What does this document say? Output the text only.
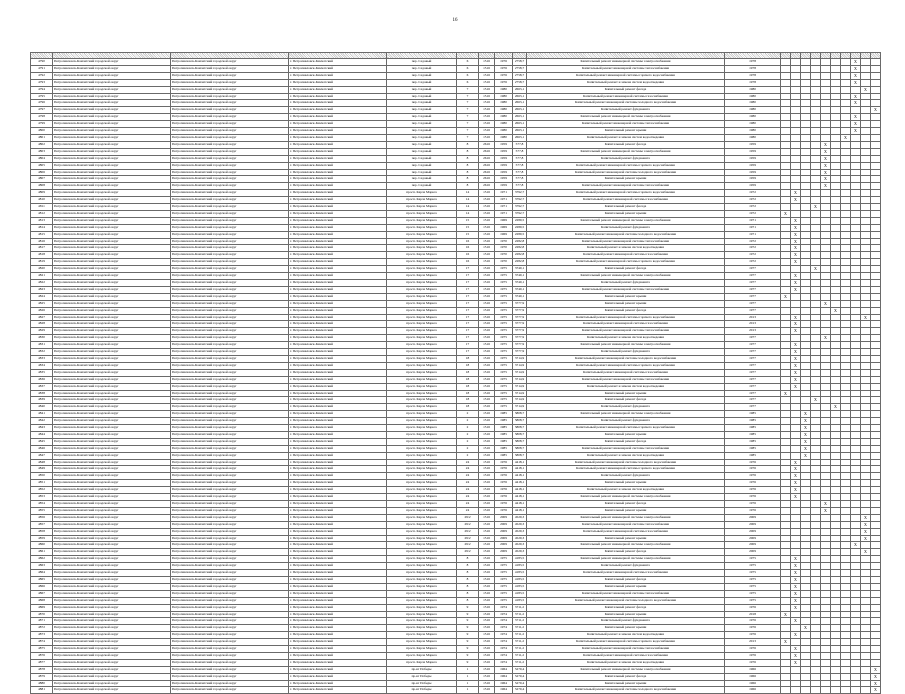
16

4790	Петропавловск-Камчатский городской округ	Петропавловск-Камчатский городской округ	г. Петропавловск-Камчатский	пер. Садовый	6	1516	1976	2758,7	Капитальный ремонт инженерной системы электроснабжения	1978								X		
4791	Петропавловск-Камчатский городской округ	Петропавловск-Камчатский городской округ	г. Петропавловск-Камчатский	пер. Садовый	6	1516	1976	2758,7	Капитальный ремонт инженерной системы теплоснабжения	1978								X		
4792	Петропавловск-Камчатский городской округ	Петропавловск-Камчатский городской округ	г. Петропавловск-Камчатский	пер. Садовый	6	1516	1976	2758,7	Капитальный ремонт инженерной системы горячего водоснабжения	1978								X		
4793	Петропавловск-Камчатский городской округ	Петропавловск-Камчатский городской округ	г. Петропавловск-Камчатский	пер. Садовый	6	1516	1976	2758,7	Капитальный ремонт и замена систем водоотведения	1978								X		
4794	Петропавловск-Камчатский городской округ	Петропавловск-Камчатский городской округ	г. Петропавловск-Камчатский	пер. Садовый	7	1516	1980	2663,1	Капитальный ремонт фасада	1980									X	
4795	Петропавловск-Камчатский городской округ	Петропавловск-Камчатский городской округ	г. Петропавловск-Камчатский	пер. Садовый	7	1516	1980	2663,1	Капитальный ремонт инженерной системы газоснабжения	1980								X		
4796	Петропавловск-Камчатский городской округ	Петропавловск-Камчатский городской округ	г. Петропавловск-Камчатский	пер. Садовый	7	1516	1980	2663,1	Капитальный ремонт инженерной системы холодного водоснабжения	1980								X		
4797	Петропавловск-Камчатский городской округ	Петропавловск-Камчатский городской округ	г. Петропавловск-Камчатский	пер. Садовый	7	1516	1980	2663,1	Капитальный ремонт фундамента	1980										X
4798	Петропавловск-Камчатский городской округ	Петропавловск-Камчатский городской округ	г. Петропавловск-Камчатский	пер. Садовый	7	1516	1980	2663,1	Капитальный ремонт инженерной системы электроснабжения	1980								X		
4799	Петропавловск-Камчатский городской округ	Петропавловск-Камчатский городской округ	г. Петропавловск-Камчатский	пер. Садовый	7	1516	1980	2663,1	Капитальный ремонт инженерной системы теплоснабжения	1980								X		
4800	Петропавловск-Камчатский городской округ	Петропавловск-Камчатский городской округ	г. Петропавловск-Камчатский	пер. Садовый	7	1516	1980	2663,1	Капитальный ремонт крыши	1980								X		
4801	Петропавловск-Камчатский городской округ	Петропавловск-Камчатский городской округ	г. Петропавловск-Камчатский	пер. Садовый	7	1516	1980	2663,1	Капитальный ремонт и замена систем водоотведения	1980							X			
4802	Петропавловск-Камчатский городской округ	Петропавловск-Камчатский городской округ	г. Петропавловск-Камчатский	пер. Садовый	8	2616	1959	577,8	Капитальный ремонт фасада	1959					X					
4803	Петропавловск-Камчатский городской округ	Петропавловск-Камчатский городской округ	г. Петропавловск-Камчатский	пер. Садовый	8	2616	1959	577,8	Капитальный ремонт инженерной системы электроснабжения	1959					X					
4804	Петропавловск-Камчатский городской округ	Петропавловск-Камчатский городской округ	г. Петропавловск-Камчатский	пер. Садовый	8	2616	1959	577,8	Капитальный ремонт фундамента	1959					X					
4805	Петропавловск-Камчатский городской округ	Петропавловск-Камчатский городской округ	г. Петропавловск-Камчатский	пер. Садовый	8	2616	1959	577,8	Капитальный ремонт инженерной системы горячего водоснабжения	1959					X					
4806	Петропавловск-Камчатский городской округ	Петропавловск-Камчатский городской округ	г. Петропавловск-Камчатский	пер. Садовый	8	2616	1959	577,8	Капитальный ремонт инженерной системы холодного водоснабжения	1959					X					
4807	Петропавловск-Камчатский городской округ	Петропавловск-Камчатский городской округ	г. Петропавловск-Камчатский	пер. Садовый	8	2616	1959	577,8	Капитальный ремонт крыши	1959					X					
4808	Петропавловск-Камчатский городской округ	Петропавловск-Камчатский городской округ	г. Петропавловск-Камчатский	пер. Садовый	8	2616	1959	577,8	Капитальный ремонт инженерной системы теплоснабжения	1959					X					
4809	Петропавловск-Камчатский городской округ	Петропавловск-Камчатский городской округ	г. Петропавловск-Камчатский	просп. Карла Маркса	14	1516	1971	3792,7	Капитальный ремонт инженерной системы горячего водоснабжения	1972		X								
4810	Петропавловск-Камчатский городской округ	Петропавловск-Камчатский городской округ	г. Петропавловск-Камчатский	просп. Карла Маркса	14	1516	1971	3792,7	Капитальный ремонт инженерной системы газоснабжения	1972		X								
4811	Петропавловск-Камчатский городской округ	Петропавловск-Камчатский городской округ	г. Петропавловск-Камчатский	просп. Карла Маркса	14	1516	1971	3792,7	Капитальный ремонт фасада	1972				X						
4812	Петропавловск-Камчатский городской округ	Петропавловск-Камчатский городской округ	г. Петропавловск-Камчатский	просп. Карла Маркса	14	1516	1971	3792,7	Капитальный ремонт крыши	1972	X									
4813	Петропавловск-Камчатский городской округ	Петропавловск-Камчатский городской округ	г. Петропавловск-Камчатский	просп. Карла Маркса	15	1516	1969	2289,5	Капитальный ремонт инженерной системы электроснабжения	1971		X								
4814	Петропавловск-Камчатский городской округ	Петропавловск-Камчатский городской округ	г. Петропавловск-Камчатский	просп. Карла Маркса	15	1516	1969	2289,5	Капитальный ремонт фундамента	1971		X								
4815	Петропавловск-Камчатский городской округ	Петропавловск-Камчатский городской округ	г. Петропавловск-Камчатский	просп. Карла Маркса	15	1516	1969	2289,5	Капитальный ремонт инженерной системы холодного водоснабжения	1971		X								
4816	Петропавловск-Камчатский городской округ	Петропавловск-Камчатский городской округ	г. Петропавловск-Камчатский	просп. Карла Маркса	16	1516	1970	2282,8	Капитальный ремонт инженерной системы теплоснабжения	1972		X								
4817	Петропавловск-Камчатский городской округ	Петропавловск-Камчатский городской округ	г. Петропавловск-Камчатский	просп. Карла Маркса	16	1516	1970	2282,8	Капитальный ремонт и замена систем водоотведения	1972		X								
4818	Петропавловск-Камчатский городской округ	Петропавловск-Камчатский городской округ	г. Петропавловск-Камчатский	просп. Карла Маркса	16	1516	1970	2282,8	Капитальный ремонт инженерной системы газоснабжения	1972		X								
4819	Петропавловск-Камчатский городской округ	Петропавловск-Камчатский городской округ	г. Петропавловск-Камчатский	просп. Карла Маркса	16	1516	1970	2282,8	Капитальный ремонт инженерной системы горячего водоснабжения	1972		X								
4820	Петропавловск-Камчатский городской округ	Петропавловск-Камчатский городской округ	г. Петропавловск-Камчатский	просп. Карла Маркса	17	1516	1975	3740,1	Капитальный ремонт фасада	1977				X						
4821	Петропавловск-Камчатский городской округ	Петропавловск-Камчатский городской округ	г. Петропавловск-Камчатский	просп. Карла Маркса	17	1516	1975	3740,1	Капитальный ремонт инженерной системы электроснабжения	1977		X								
4822	Петропавловск-Камчатский городской округ	Петропавловск-Камчатский городской округ	г. Петропавловск-Камчатский	просп. Карла Маркса	17	1516	1975	3740,1	Капитальный ремонт фундамента	1977		X								
4823	Петропавловск-Камчатский городской округ	Петропавловск-Камчатский городской округ	г. Петропавловск-Камчатский	просп. Карла Маркса	17	1516	1975	3740,1	Капитальный ремонт инженерной системы теплоснабжения	1977		X								
4824	Петропавловск-Камчатский городской округ	Петропавловск-Камчатский городской округ	г. Петропавловск-Камчатский	просп. Карла Маркса	17	1516	1975	3740,1	Капитальный ремонт крыши	1977	X									
4825	Петропавловск-Камчатский городской округ	Петропавловск-Камчатский городской округ	г. Петропавловск-Камчатский	просп. Карла Маркса	17	1516	1975	3777,9	Капитальный ремонт крыши	1977					X					
4826	Петропавловск-Камчатский городской округ	Петропавловск-Камчатский городской округ	г. Петропавловск-Камчатский	просп. Карла Маркса	17	1516	1975	3777,9	Капитальный ремонт фасада	1977						X				
4827	Петропавловск-Камчатский городской округ	Петропавловск-Камчатский городской округ	г. Петропавловск-Камчатский	просп. Карла Маркса	17	1516	1975	3777,9	Капитальный ремонт инженерной системы горячего водоснабжения	2013		X							X	
4828	Петропавловск-Камчатский городской округ	Петропавловск-Камчатский городской округ	г. Петропавловск-Камчатский	просп. Карла Маркса	17	1516	1975	3777,9	Капитальный ремонт инженерной системы газоснабжения	2013		X								
4829	Петропавловск-Камчатский городской округ	Петропавловск-Камчатский городской округ	г. Петропавловск-Камчатский	просп. Карла Маркса	17	1516	1975	3777,9	Капитальный ремонт инженерной системы теплоснабжения	2013		X								
4830	Петропавловск-Камчатский городской округ	Петропавловск-Камчатский городской округ	г. Петропавловск-Камчатский	просп. Карла Маркса	17	1516	1975	3777,9	Капитальный ремонт и замена систем водоотведения	1977					X					
4831	Петропавловск-Камчатский городской округ	Петропавловск-Камчатский городской округ	г. Петропавловск-Камчатский	просп. Карла Маркса	17	1516	1975	3777,9	Капитальный ремонт инженерной системы электроснабжения	1977		X								
4832	Петропавловск-Камчатский городской округ	Петропавловск-Камчатский городской округ	г. Петропавловск-Камчатский	просп. Карла Маркса	17	1516	1975	3777,9	Капитальный ремонт фундамента	1977		X								
4833	Петропавловск-Камчатский городской округ	Петропавловск-Камчатский городской округ	г. Петропавловск-Камчатский	просп. Карла Маркса	18	1516	1975	3714,9	Капитальный ремонт инженерной системы холодного водоснабжения	1977		X								
4834	Петропавловск-Камчатский городской округ	Петропавловск-Камчатский городской округ	г. Петропавловск-Камчатский	просп. Карла Маркса	18	1516	1975	3714,9	Капитальный ремонт инженерной системы горячего водоснабжения	1977		X								
4835	Петропавловск-Камчатский городской округ	Петропавловск-Камчатский городской округ	г. Петропавловск-Камчатский	просп. Карла Маркса	18	1516	1975	3714,9	Капитальный ремонт инженерной системы газоснабжения	1977		X								
4836	Петропавловск-Камчатский городской округ	Петропавловск-Камчатский городской округ	г. Петропавловск-Камчатский	просп. Карла Маркса	18	1516	1975	3714,9	Капитальный ремонт инженерной системы теплоснабжения	1977		X								
4837	Петропавловск-Камчатский городской округ	Петропавловск-Камчатский городской округ	г. Петропавловск-Камчатский	просп. Карла Маркса	18	1516	1975	3714,9	Капитальный ремонт и замена систем водоотведения	1977		X								
4838	Петропавловск-Камчатский городской округ	Петропавловск-Камчатский городской округ	г. Петропавловск-Камчатский	просп. Карла Маркса	18	1516	1975	3714,9	Капитальный ремонт крыши	1977	X									
4839	Петропавловск-Камчатский городской округ	Петропавловск-Камчатский городской округ	г. Петропавловск-Камчатский	просп. Карла Маркса	18	1516	1975	3714,9	Капитальный ремонт фасада	1977				X						
4840	Петропавловск-Камчатский городской округ	Петропавловск-Камчатский городской округ	г. Петропавловск-Камчатский	просп. Карла Маркса	18	1516	1975	3714,9	Капитальный ремонт фундамента	1977						X				
4841	Петропавловск-Камчатский городской округ	Петропавловск-Камчатский городской округ	г. Петропавловск-Камчатский	просп. Карла Маркса	2	1516	1985	5808,7	Капитальный ремонт инженерной системы электроснабжения	1985			X							
4842	Петропавловск-Камчатский городской округ	Петропавловск-Камчатский городской округ	г. Петропавловск-Камчатский	просп. Карла Маркса	2	1516	1985	5808,7	Капитальный ремонт фундамента	1985			X							
4843	Петропавловск-Камчатский городской округ	Петропавловск-Камчатский городской округ	г. Петропавловск-Камчатский	просп. Карла Маркса	2	1516	1985	5808,7	Капитальный ремонт инженерной системы горячего водоснабжения	1985			X							
4844	Петропавловск-Камчатский городской округ	Петропавловск-Камчатский городской округ	г. Петропавловск-Камчатский	просп. Карла Маркса	2	1516	1985	5808,7	Капитальный ремонт крыши	1985			X							
4845	Петропавловск-Камчатский городской округ	Петропавловск-Камчатский городской округ	г. Петропавловск-Камчатский	просп. Карла Маркса	2	1516	1985	5808,7	Капитальный ремонт фасада	1985			X							
4846	Петропавловск-Камчатский городской округ	Петропавловск-Камчатский городской округ	г. Петропавловск-Камчатский	просп. Карла Маркса	2	1516	1985	5808,7	Капитальный ремонт инженерной системы теплоснабжения	1985			X							
4847	Петропавловск-Камчатский городской округ	Петропавловск-Камчатский городской округ	г. Петропавловск-Камчатский	просп. Карла Маркса	2	1516	1985	5808,7	Капитальный ремонт и замена систем водоотведения	1985			X							
4848	Петропавловск-Камчатский городской округ	Петропавловск-Камчатский городской округ	г. Петропавловск-Камчатский	просп. Карла Маркса	24	1516	1976	4418,1	Капитальный ремонт инженерной системы холодного водоснабжения	1976		X								
4849	Петропавловск-Камчатский городской округ	Петропавловск-Камчатский городской округ	г. Петропавловск-Камчатский	просп. Карла Маркса	24	1516	1976	4418,1	Капитальный ремонт инженерной системы горячего водоснабжения	1976		X								
4850	Петропавловск-Камчатский городской округ	Петропавловск-Камчатский городской округ	г. Петропавловск-Камчатский	просп. Карла Маркса	24	1516	1976	4418,1	Капитальный ремонт фундамента	1976		X								
4851	Петропавловск-Камчатский городской округ	Петропавловск-Камчатский городской округ	г. Петропавловск-Камчатский	просп. Карла Маркса	24	1516	1976	4418,1	Капитальный ремонт крыши	1976		X								
4852	Петропавловск-Камчатский городской округ	Петропавловск-Камчатский городской округ	г. Петропавловск-Камчатский	просп. Карла Маркса	24	1516	1976	4418,1	Капитальный ремонт и замена систем водоотведения	1976		X								
4853	Петропавловск-Камчатский городской округ	Петропавловск-Камчатский городской округ	г. Петропавловск-Камчатский	просп. Карла Маркса	24	1516	1976	4418,1	Капитальный ремонт инженерной системы электроснабжения	1976		X								
4854	Петропавловск-Камчатский городской округ	Петропавловск-Камчатский городской округ	г. Петропавловск-Камчатский	просп. Карла Маркса	24	1516	1976	4418,1	Капитальный ремонт фасада	1976					X					
4855	Петропавловск-Камчатский городской округ	Петропавловск-Камчатский городской округ	г. Петропавловск-Камчатский	просп. Карла Маркса	24	1516	1976	4418,1	Капитальный ремонт крыши	1976					X					
4856	Петропавловск-Камчатский городской округ	Петропавловск-Камчатский городской округ	г. Петропавловск-Камчатский	просп. Карла Маркса	29/2	1516	2009	4529,3	Капитальный ремонт инженерной системы электроснабжения	2009									X	
4857	Петропавловск-Камчатский городской округ	Петропавловск-Камчатский городской округ	г. Петропавловск-Камчатский	просп. Карла Маркса	29/2	1516	2009	4529,3	Капитальный ремонт инженерной системы теплоснабжения	2009									X	
4858	Петропавловск-Камчатский городской округ	Петропавловск-Камчатский городской округ	г. Петропавловск-Камчатский	просп. Карла Маркса	29/2	1516	2009	4529,3	Капитальный ремонт инженерной системы газоснабжения	2009									X	
4859	Петропавловск-Камчатский городской округ	Петропавловск-Камчатский городской округ	г. Петропавловск-Камчатский	просп. Карла Маркса	29/2	1516	2009	4529,3	Капитальный ремонт крыши	2009									X	
4860	Петропавловск-Камчатский городской округ	Петропавловск-Камчатский городской округ	г. Петропавловск-Камчатский	просп. Карла Маркса	29/2	1516	2009	4529,3	Капитальный ремонт инженерной системы электроснабжения	2009								X		
4861	Петропавловск-Камчатский городской округ	Петропавловск-Камчатский городской округ	г. Петропавловск-Камчатский	просп. Карла Маркса	29/2	1516	2009	4529,3	Капитальный ремонт фасада	2009									X	
4862	Петропавловск-Камчатский городской округ	Петропавловск-Камчатский городской округ	г. Петропавловск-Камчатский	просп. Карла Маркса	8	1516	1975	4183,5	Капитальный ремонт инженерной системы электроснабжения	1975		X								
4863	Петропавловск-Камчатский городской округ	Петропавловск-Камчатский городской округ	г. Петропавловск-Камчатский	просп. Карла Маркса	8	1516	1975	4183,5	Капитальный ремонт фундамента	1975		X								
4864	Петропавловск-Камчатский городской округ	Петропавловск-Камчатский городской округ	г. Петропавловск-Камчатский	просп. Карла Маркса	8	1516	1975	4183,5	Капитальный ремонт инженерной системы газоснабжения	1975		X								
4865	Петропавловск-Камчатский городской округ	Петропавловск-Камчатский городской округ	г. Петропавловск-Камчатский	просп. Карла Маркса	8	1516	1975	4183,5	Капитальный ремонт фасада	1975		X								
4866	Петропавловск-Камчатский городской округ	Петропавловск-Камчатский городской округ	г. Петропавловск-Камчатский	просп. Карла Маркса	8	1516	1975	4183,5	Капитальный ремонт крыши	1975		X								
4867	Петропавловск-Камчатский городской округ	Петропавловск-Камчатский городской округ	г. Петропавловск-Камчатский	просп. Карла Маркса	8	1516	1975	4183,5	Капитальный ремонт инженерной системы теплоснабжения	1975		X								
4868	Петропавловск-Камчатский городской округ	Петропавловск-Камчатский городской округ	г. Петропавловск-Камчатский	просп. Карла Маркса	8	1516	1975	4183,5	Капитальный ремонт инженерной системы холодного водоснабжения	1975		X								
4869	Петропавловск-Камчатский городской округ	Петропавловск-Камчатский городской округ	г. Петропавловск-Камчатский	просп. Карла Маркса	9	1516	1974	3711,2	Капитальный ремонт фасада	1976		X								
4870	Петропавловск-Камчатский городской округ	Петропавловск-Камчатский городской округ	г. Петропавловск-Камчатский	просп. Карла Маркса	9	1516	1974	3711,2	Капитальный ремонт крыши	2018	X									
4871	Петропавловск-Камчатский городской округ	Петропавловск-Камчатский городской округ	г. Петропавловск-Камчатский	просп. Карла Маркса	9	1516	1974	3711,2	Капитальный ремонт фундамента	1976		X								
4872	Петропавловск-Камчатский городской округ	Петропавловск-Камчатский городской округ	г. Петропавловск-Камчатский	просп. Карла Маркса	9	1516	1974	3711,2	Капитальный ремонт крыши	1976			X							
4873	Петропавловск-Камчатский городской округ	Петропавловск-Камчатский городской округ	г. Петропавловск-Камчатский	просп. Карла Маркса	9	1516	1974	3711,2	Капитальный ремонт и замена систем водоотведения	1976		X								
4874	Петропавловск-Камчатский городской округ	Петропавловск-Камчатский городской округ	г. Петропавловск-Камчатский	просп. Карла Маркса	9	1516	1974	3711,2	Капитальный ремонт инженерной системы горячего водоснабжения	2013	X									
4875	Петропавловск-Камчатский городской округ	Петропавловск-Камчатский городской округ	г. Петропавловск-Камчатский	просп. Карла Маркса	9	1516	1974	3711,2	Капитальный ремонт инженерной системы теплоснабжения	1976		X								
4876	Петропавловск-Камчатский городской округ	Петропавловск-Камчатский городской округ	г. Петропавловск-Камчатский	просп. Карла Маркса	9	1516	1974	3711,2	Капитальный ремонт инженерной системы газоснабжения	1976		X								
4877	Петропавловск-Камчатский городской округ	Петропавловск-Камчатский городской округ	г. Петропавловск-Камчатский	просп. Карла Маркса	9	1516	1974	3711,2	Капитальный ремонт и замена систем водоотведения	1976		X								
4878	Петропавловск-Камчатский городской округ	Петропавловск-Камчатский городской округ	г. Петропавловск-Камчатский	пр-кт Победы	1	1516	1964	5270,4	Капитальный ремонт инженерной системы электроснабжения	1966										X
4879	Петропавловск-Камчатский городской округ	Петропавловск-Камчатский городской округ	г. Петропавловск-Камчатский	пр-кт Победы	1	1516	1964	5270,4	Капитальный ремонт фасада	1966										X
4880	Петропавловск-Камчатский городской округ	Петропавловск-Камчатский городской округ	г. Петропавловск-Камчатский	пр-кт Победы	1	1516	1964	5270,4	Капитальный ремонт крыши	1966										X
4881	Петропавловск-Камчатский городской округ	Петропавловск-Камчатский городской округ	г. Петропавловск-Камчатский	пр-кт Победы	1	1516	1964	5270,4	Капитальный ремонт инженерной системы холодного водоснабжения	1966										X
